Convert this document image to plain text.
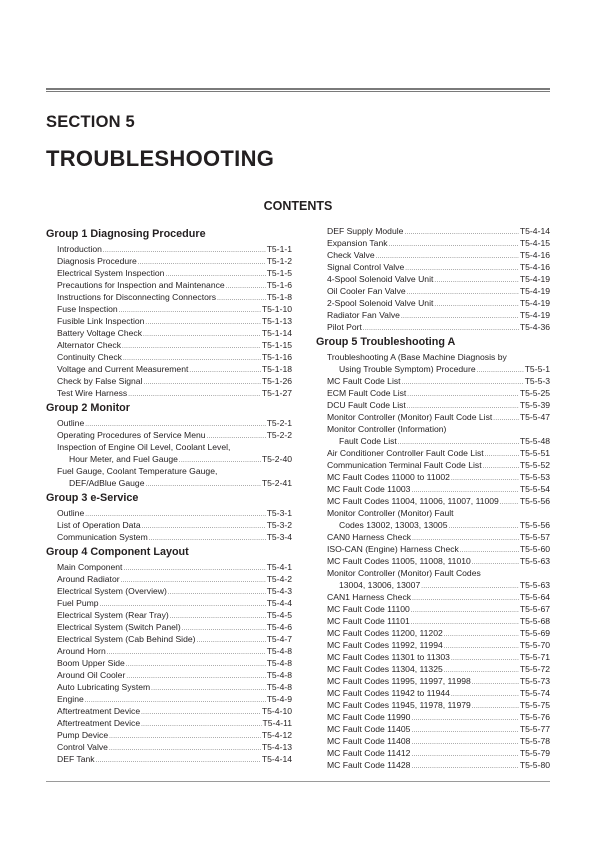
SECTION 5
TROUBLESHOOTING
CONTENTS
Group 1 Diagnosing Procedure
Introduction .....	T5-1-1
Diagnosis Procedure .....	T5-1-2
Electrical System Inspection .....	T5-1-5
Precautions for Inspection and Maintenance .....	T5-1-6
Instructions for Disconnecting Connectors .....	T5-1-8
Fuse Inspection .....	T5-1-10
Fusible Link Inspection .....	T5-1-13
Battery Voltage Check .....	T5-1-14
Alternator Check .....	T5-1-15
Continuity Check .....	T5-1-16
Voltage and Current Measurement .....	T5-1-18
Check by False Signal .....	T5-1-26
Test Wire Harness .....	T5-1-27
Group 2 Monitor
Outline .....	T5-2-1
Operating Procedures of Service Menu .....	T5-2-2
Inspection of Engine Oil Level, Coolant Level,
Hour Meter, and Fuel Gauge .....	T5-2-40
Fuel Gauge, Coolant Temperature Gauge,
DEF/AdBlue Gauge .....	T5-2-41
Group 3 e-Service
Outline .....	T5-3-1
List of Operation Data .....	T5-3-2
Communication System .....	T5-3-4
Group 4 Component Layout
Main Component .....	T5-4-1
Around Radiator .....	T5-4-2
Electrical System (Overview) .....	T5-4-3
Fuel Pump .....	T5-4-4
Electrical System (Rear Tray) .....	T5-4-5
Electrical System (Switch Panel) .....	T5-4-6
Electrical System (Cab Behind Side) .....	T5-4-7
Around Horn .....	T5-4-8
Boom Upper Side .....	T5-4-8
Around Oil Cooler .....	T5-4-8
Auto Lubricating System .....	T5-4-8
Engine .....	T5-4-9
Aftertreatment Device .....	T5-4-10
Aftertreatment Device .....	T5-4-11
Pump Device .....	T5-4-12
Control Valve .....	T5-4-13
DEF Tank .....	T5-4-14
DEF Supply Module .....	T5-4-14
Expansion Tank .....	T5-4-15
Check Valve .....	T5-4-16
Signal Control Valve .....	T5-4-16
4-Spool Solenoid Valve Unit .....	T5-4-19
Oil Cooler Fan Valve .....	T5-4-19
2-Spool Solenoid Valve Unit .....	T5-4-19
Radiator Fan Valve .....	T5-4-19
Pilot Port .....	T5-4-36
Group 5 Troubleshooting A
Troubleshooting A (Base Machine Diagnosis by
Using Trouble Symptom) Procedure .....	T5-5-1
MC Fault Code List .....	T5-5-3
ECM Fault Code List .....	T5-5-25
DCU Fault Code List .....	T5-5-39
Monitor Controller (Monitor) Fault Code List .....	T5-5-47
Monitor Controller (Information)
Fault Code List .....	T5-5-48
Air Conditioner Controller Fault Code List .....	T5-5-51
Communication Terminal Fault Code List .....	T5-5-52
MC Fault Codes 11000 to 11002 .....	T5-5-53
MC Fault Code 11003 .....	T5-5-54
MC Fault Codes 11004, 11006, 11007, 11009 ..... T5-5-56
Monitor Controller (Monitor) Fault
Codes 13002, 13003, 13005 .....	T5-5-56
CAN0 Harness Check .....	T5-5-57
ISO-CAN (Engine) Harness Check .....	T5-5-60
MC Fault Codes 11005, 11008, 11010 .....	T5-5-63
Monitor Controller (Monitor) Fault Codes
13004, 13006, 13007 .....	T5-5-63
CAN1 Harness Check .....	T5-5-64
MC Fault Code 11100 .....	T5-5-67
MC Fault Code 11101 .....	T5-5-68
MC Fault Codes 11200, 11202 .....	T5-5-69
MC Fault Codes 11992, 11994 .....	T5-5-70
MC Fault Codes 11301 to 11303 .....	T5-5-71
MC Fault Codes 11304, 11325 .....	T5-5-72
MC Fault Codes 11995, 11997, 11998 .....	T5-5-73
MC Fault Codes 11942 to 11944 .....	T5-5-74
MC Fault Codes 11945, 11978, 11979 .....	T5-5-75
MC Fault Code 11990 .....	T5-5-76
MC Fault Code 11405 .....	T5-5-77
MC Fault Code 11408 .....	T5-5-78
MC Fault Code 11412 .....	T5-5-79
MC Fault Code 11428 .....	T5-5-80
